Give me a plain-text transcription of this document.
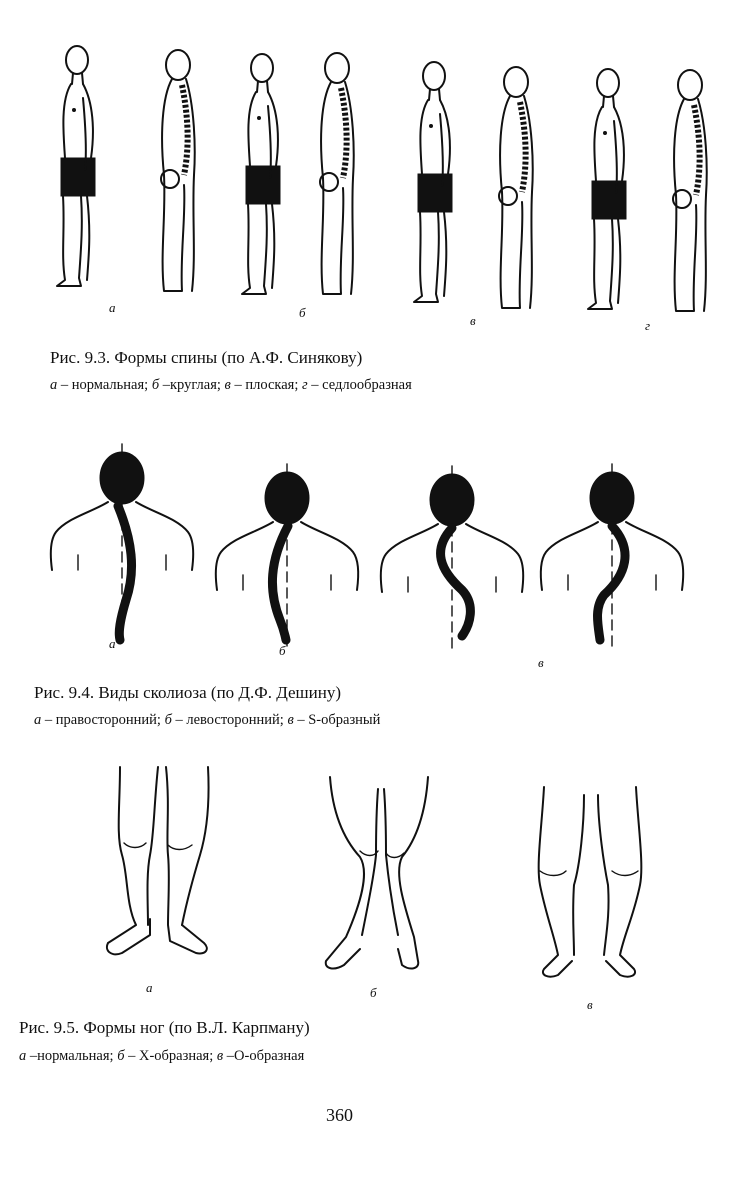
а	б
в	г
Рис. 9.3. Формы спины (по А.Ф. Синякову)
а – нормальная; б –круглая; в – плоская; г – седлообразная
а	б
в
Рис. 9.4. Виды сколиоза (по Д.Ф. Дешину)
а – правосторонний; б – левосторонний; в – S-образный
а	б
в
Рис. 9.5. Формы ног (по В.Л. Карпману)
а –нормальная; б – Х-образная; в –О-образная
360
